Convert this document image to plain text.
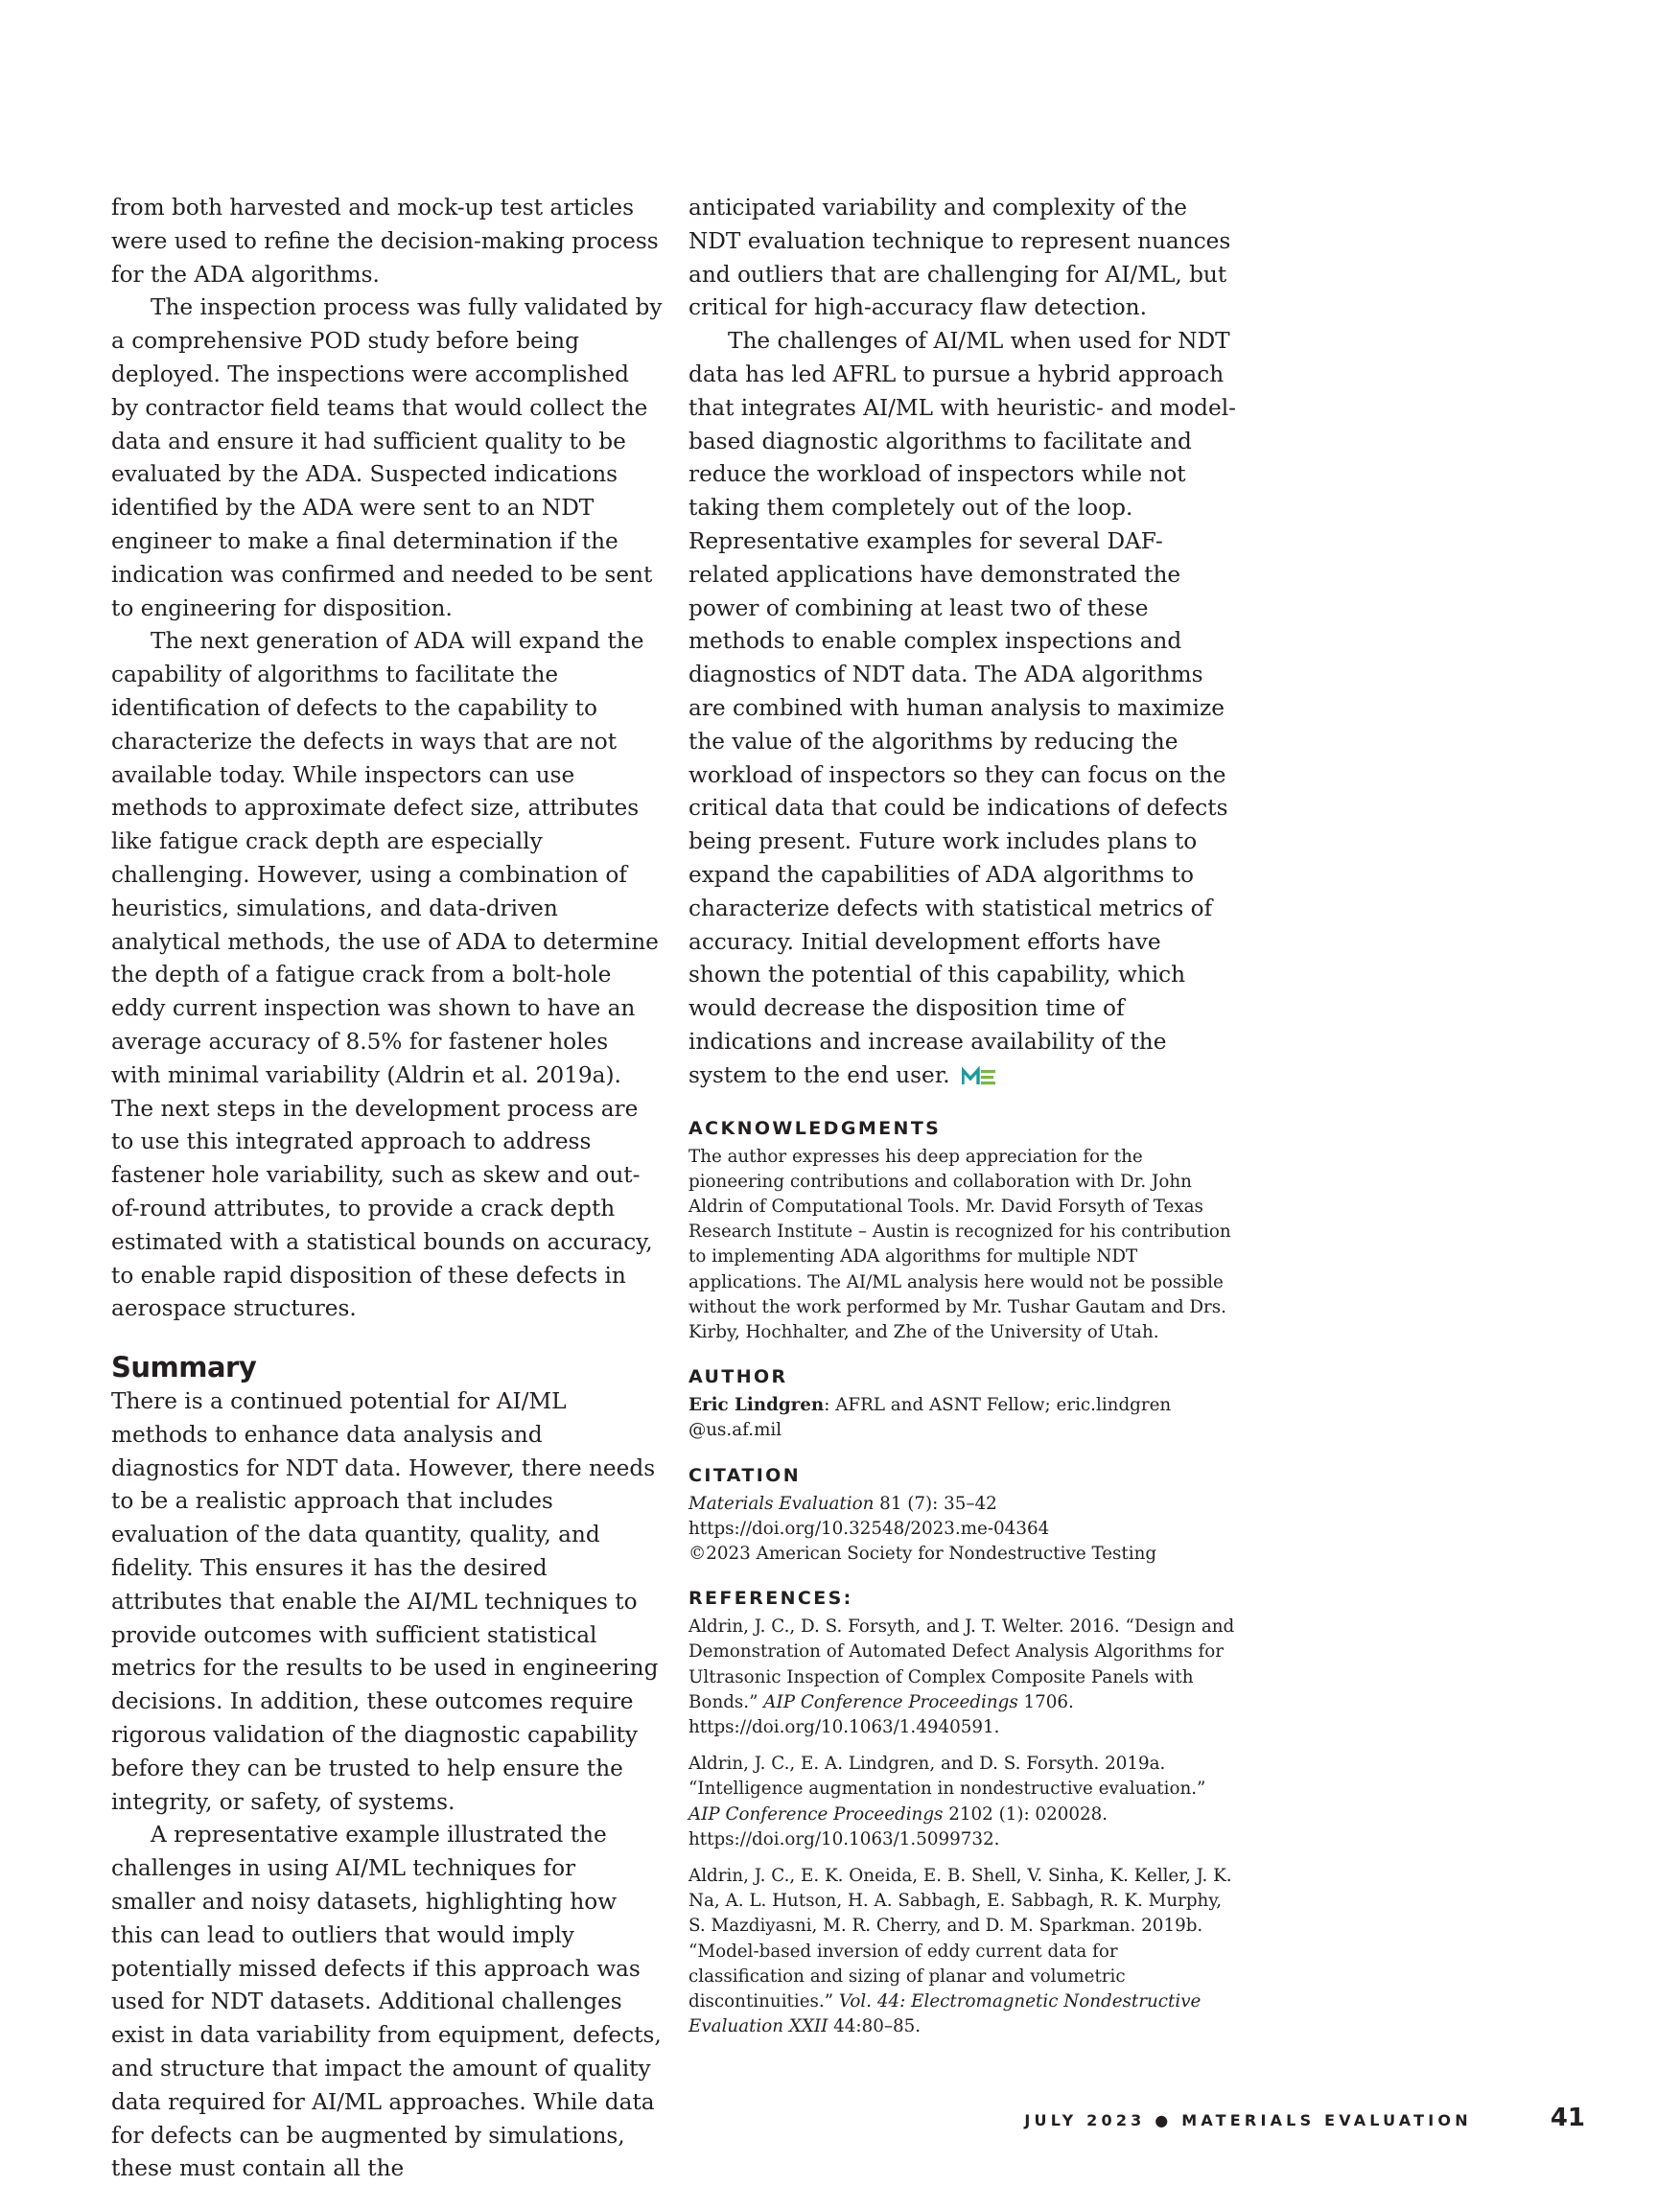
from both harvested and mock-up test articles were used to refine the decision-making process for the ADA algorithms.

The inspection process was fully validated by a comprehensive POD study before being deployed. The inspections were accomplished by contractor field teams that would collect the data and ensure it had sufficient quality to be evaluated by the ADA. Suspected indications identified by the ADA were sent to an NDT engineer to make a final determination if the indication was confirmed and needed to be sent to engineering for disposition.

The next generation of ADA will expand the capability of algorithms to facilitate the identification of defects to the capability to characterize the defects in ways that are not available today. While inspectors can use methods to approximate defect size, attributes like fatigue crack depth are especially challenging. However, using a combination of heuristics, simulations, and data-driven analytical methods, the use of ADA to determine the depth of a fatigue crack from a bolt-hole eddy current inspection was shown to have an average accuracy of 8.5% for fastener holes with minimal variability (Aldrin et al. 2019a). The next steps in the development process are to use this integrated approach to address fastener hole variability, such as skew and out-of-round attributes, to provide a crack depth estimated with a statistical bounds on accuracy, to enable rapid disposition of these defects in aerospace structures.

Summary

There is a continued potential for AI/ML methods to enhance data analysis and diagnostics for NDT data. However, there needs to be a realistic approach that includes evaluation of the data quantity, quality, and fidelity. This ensures it has the desired attributes that enable the AI/ML techniques to provide outcomes with sufficient statistical metrics for the results to be used in engineering decisions. In addition, these outcomes require rigorous validation of the diagnostic capability before they can be trusted to help ensure the integrity, or safety, of systems.

A representative example illustrated the challenges in using AI/ML techniques for smaller and noisy datasets, highlighting how this can lead to outliers that would imply potentially missed defects if this approach was used for NDT datasets. Additional challenges exist in data variability from equipment, defects, and structure that impact the amount of quality data required for AI/ML approaches. While data for defects can be augmented by simulations, these must contain all the

anticipated variability and complexity of the NDT evaluation technique to represent nuances and outliers that are challenging for AI/ML, but critical for high-accuracy flaw detection.

The challenges of AI/ML when used for NDT data has led AFRL to pursue a hybrid approach that integrates AI/ML with heuristic- and model-based diagnostic algorithms to facilitate and reduce the workload of inspectors while not taking them completely out of the loop. Representative examples for several DAF-related applications have demonstrated the power of combining at least two of these methods to enable complex inspections and diagnostics of NDT data. The ADA algorithms are combined with human analysis to maximize the value of the algorithms by reducing the workload of inspectors so they can focus on the critical data that could be indications of defects being present. Future work includes plans to expand the capabilities of ADA algorithms to characterize defects with statistical metrics of accuracy. Initial development efforts have shown the potential of this capability, which would decrease the disposition time of indications and increase availability of the system to the end user.

ACKNOWLEDGMENTS

The author expresses his deep appreciation for the pioneering contributions and collaboration with Dr. John Aldrin of Computational Tools. Mr. David Forsyth of Texas Research Institute – Austin is recognized for his contribution to implementing ADA algorithms for multiple NDT applications. The AI/ML analysis here would not be possible without the work performed by Mr. Tushar Gautam and Drs. Kirby, Hochhalter, and Zhe of the University of Utah.

AUTHOR

Eric Lindgren: AFRL and ASNT Fellow; eric.lindgren @us.af.mil

CITATION

Materials Evaluation 81 (7): 35–42

https://doi.org/10.32548/2023.me-04364

©2023 American Society for Nondestructive Testing

REFERENCES:

Aldrin, J. C., D. S. Forsyth, and J. T. Welter. 2016. “Design and Demonstration of Automated Defect Analysis Algorithms for Ultrasonic Inspection of Complex Composite Panels with Bonds.” AIP Conference Proceedings 1706. https://doi.org/10.1063/1.4940591.

Aldrin, J. C., E. A. Lindgren, and D. S. Forsyth. 2019a. “Intelligence augmentation in nondestructive evaluation.” AIP Conference Proceedings 2102 (1): 020028. https://doi.org/10.1063/1.5099732.

Aldrin, J. C., E. K. Oneida, E. B. Shell, V. Sinha, K. Keller, J. K. Na, A. L. Hutson, H. A. Sabbagh, E. Sabbagh, R. K. Murphy, S. Mazdiyasni, M. R. Cherry, and D. M. Sparkman. 2019b. “Model-based inversion of eddy current data for classification and sizing of planar and volumetric discontinuities.” Vol. 44: Electromagnetic Nondestructive Evaluation XXII 44:80–85.

JULY 2023 ● MATERIALS EVALUATION	41
